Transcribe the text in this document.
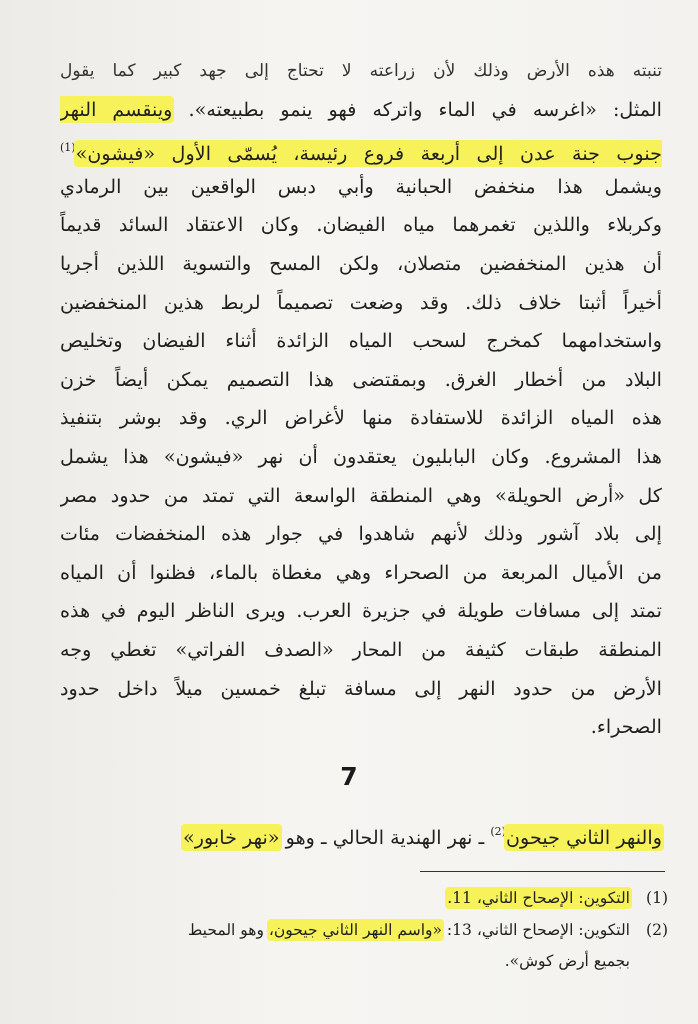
تنبته هذه الأرض وذلك لأن زراعته لا تحتاج إلى جهد كبير كما يقول
المثل: «اغرسه في الماء واتركه فهو ينمو بطبيعته». وينقسم النهر
جنوب جنة عدن إلى أربعة فروع رئيسة، يُسمّى الأول «فيشون»$^{(1)}$
ويشمل هذا منخفض الحبانية وأبي دبس الواقعين بين الرمادي
وكربلاء واللذين تغمرهما مياه الفيضان. وكان الاعتقاد السائد قديماً
أن هذين المنخفضين متصلان، ولكن المسح والتسوية اللذين أجريا
أخيراً أثبتا خلاف ذلك. وقد وضعت تصميماً لربط هذين المنخفضين
واستخدامهما كمخرج لسحب المياه الزائدة أثناء الفيضان وتخليص
البلاد من أخطار الغرق. وبمقتضى هذا التصميم يمكن أيضاً خزن
هذه المياه الزائدة للاستفادة منها لأغراض الري. وقد بوشر بتنفيذ
هذا المشروع. وكان البابليون يعتقدون أن نهر «فيشون» هذا يشمل
كل «أرض الحويلة» وهي المنطقة الواسعة التي تمتد من حدود مصر
إلى بلاد آشور وذلك لأنهم شاهدوا في جوار هذه المنخفضات مئات
من الأميال المربعة من الصحراء وهي مغطاة بالماء، فظنوا أن المياه
تمتد إلى مسافات طويلة في جزيرة العرب. ويرى الناظر اليوم في هذه
المنطقة طبقات كثيفة من المحار «الصدف الفراتي» تغطي وجه
الأرض من حدود النهر إلى مسافة تبلغ خمسين ميلاً داخل حدود
الصحراء.
7
والنهر الثاني جيحون$^{(2)}$ ـ نهر الهندية الحالي ـ وهو «نهر خابور»
(1)
التكوين: الإصحاح الثاني، 11.
(2)
التكوين: الإصحاح الثاني، 13: «واسم النهر الثاني جيحون، وهو المحيط
بجميع أرض كوش».
